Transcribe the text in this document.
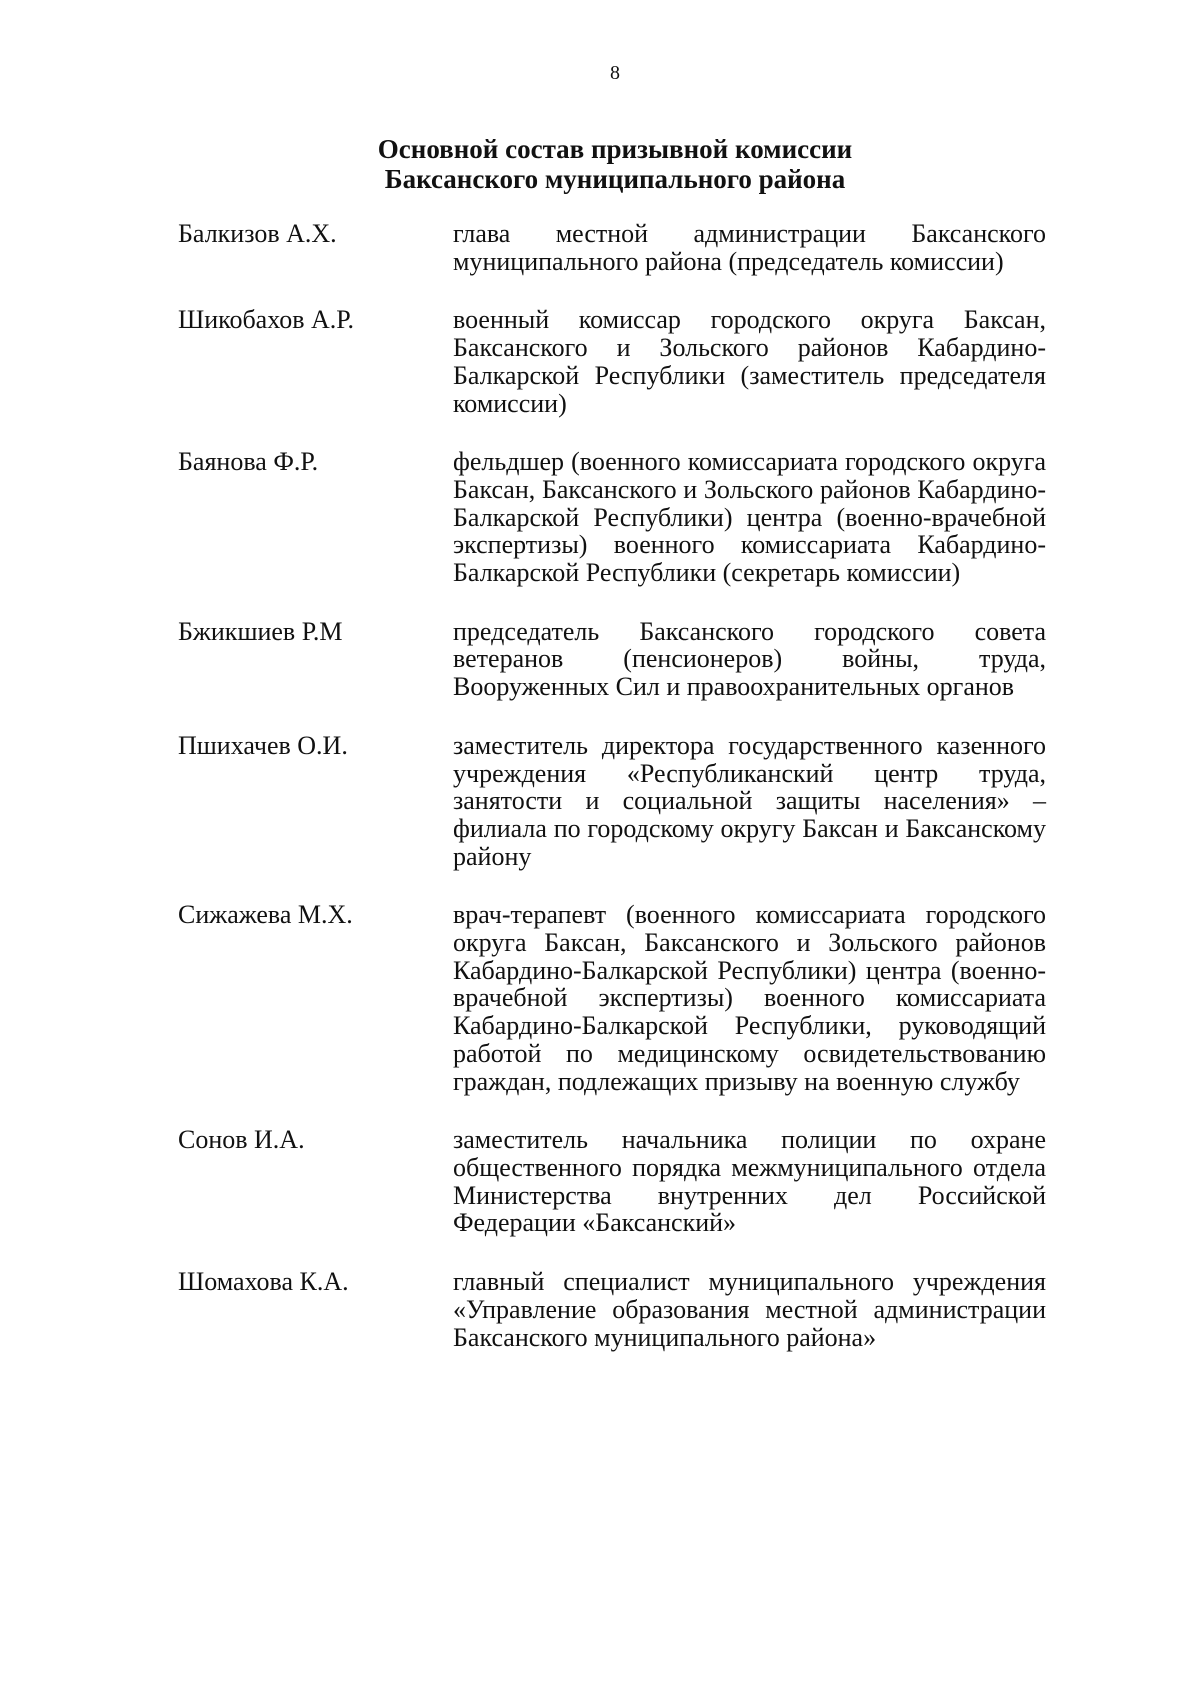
8
Основной состав призывной комиссии
Баксанского муниципального района
Балкизов А.Х.	глава местной администрации Баксанского муниципального района (председатель комиссии)
Шикобахов А.Р.	военный комиссар городского округа Баксан, Баксанского и Зольского районов Кабардино-Балкарской Республики (заместитель председателя комиссии)
Баянова Ф.Р.	фельдшер (военного комиссариата городского округа Баксан, Баксанского и Зольского районов Кабардино-Балкарской Республики) центра (военно-врачебной экспертизы) военного комиссариата Кабардино-Балкарской Республики (секретарь комиссии)
Бжикшиев Р.М	председатель Баксанского городского совета ветеранов (пенсионеров) войны, труда, Вооруженных Сил и правоохранительных органов
Пшихачев О.И.	заместитель директора государственного казенного учреждения «Республиканский центр труда, занятости и социальной защиты населения» – филиала по городскому округу Баксан и Баксанскому району
Сижажева М.Х.	врач-терапевт (военного комиссариата городского округа Баксан, Баксанского и Зольского районов Кабардино-Балкарской Республики) центра (военно-врачебной экспертизы) военного комиссариата Кабардино-Балкарской Республики, руководящий работой по медицинскому освидетельствованию граждан, подлежащих призыву на военную службу
Сонов И.А.	заместитель начальника полиции по охране общественного порядка межмуниципального отдела Министерства внутренних дел Российской Федерации «Баксанский»
Шомахова К.А.	главный специалист муниципального учреждения «Управление образования местной администрации Баксанского муниципального района»
